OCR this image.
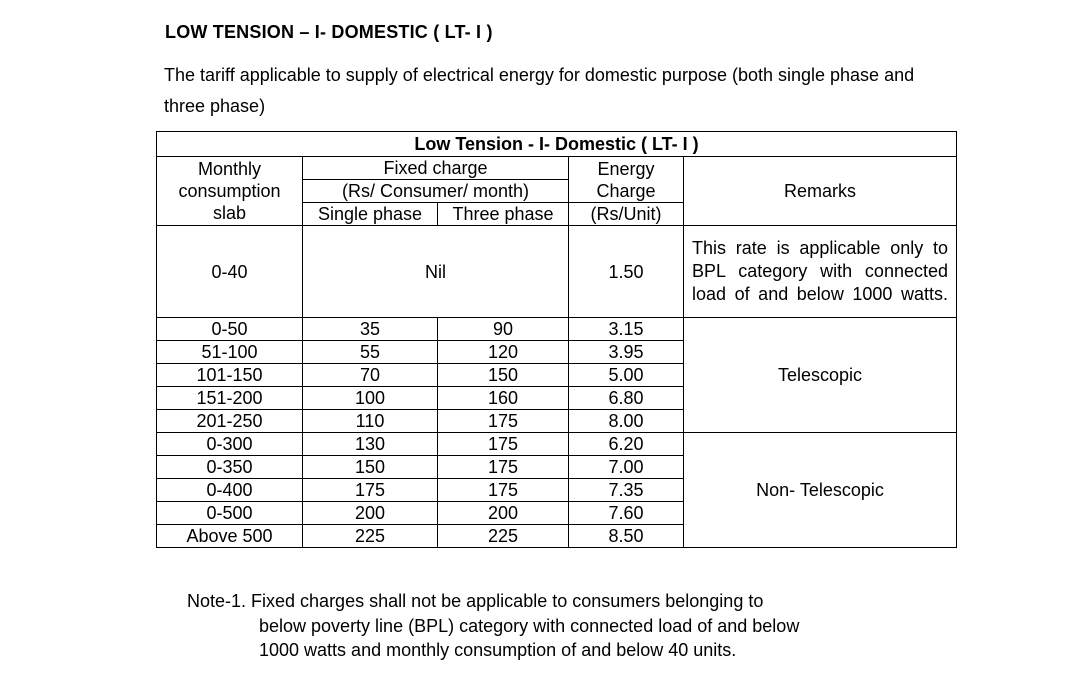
LOW TENSION – I- DOMESTIC ( LT- I )
The tariff applicable to supply of electrical energy for domestic purpose (both single phase and three phase)
Low Tension - I- Domestic ( LT- I )				
Monthly consumption slab	Fixed charge		Energy Charge	Remarks
	(Rs/ Consumer/ month)			
	Single phase	Three phase	(Rs/Unit)	
0-40	Nil		1.50	This rate is applicable only to BPL category with connected load of and below 1000 watts.
0-50	35	90	3.15	Telescopic
51-100	55	120	3.95	
101-150	70	150	5.00	
151-200	100	160	6.80	
201-250	110	175	8.00	
0-300	130	175	6.20	Non- Telescopic
0-350	150	175	7.00	
0-400	175	175	7.35	
0-500	200	200	7.60	
Above 500	225	225	8.50	
Note-1. Fixed charges shall not be applicable to consumers belonging to
below poverty line (BPL) category with connected load of and below
1000 watts and monthly consumption of and below 40 units.
